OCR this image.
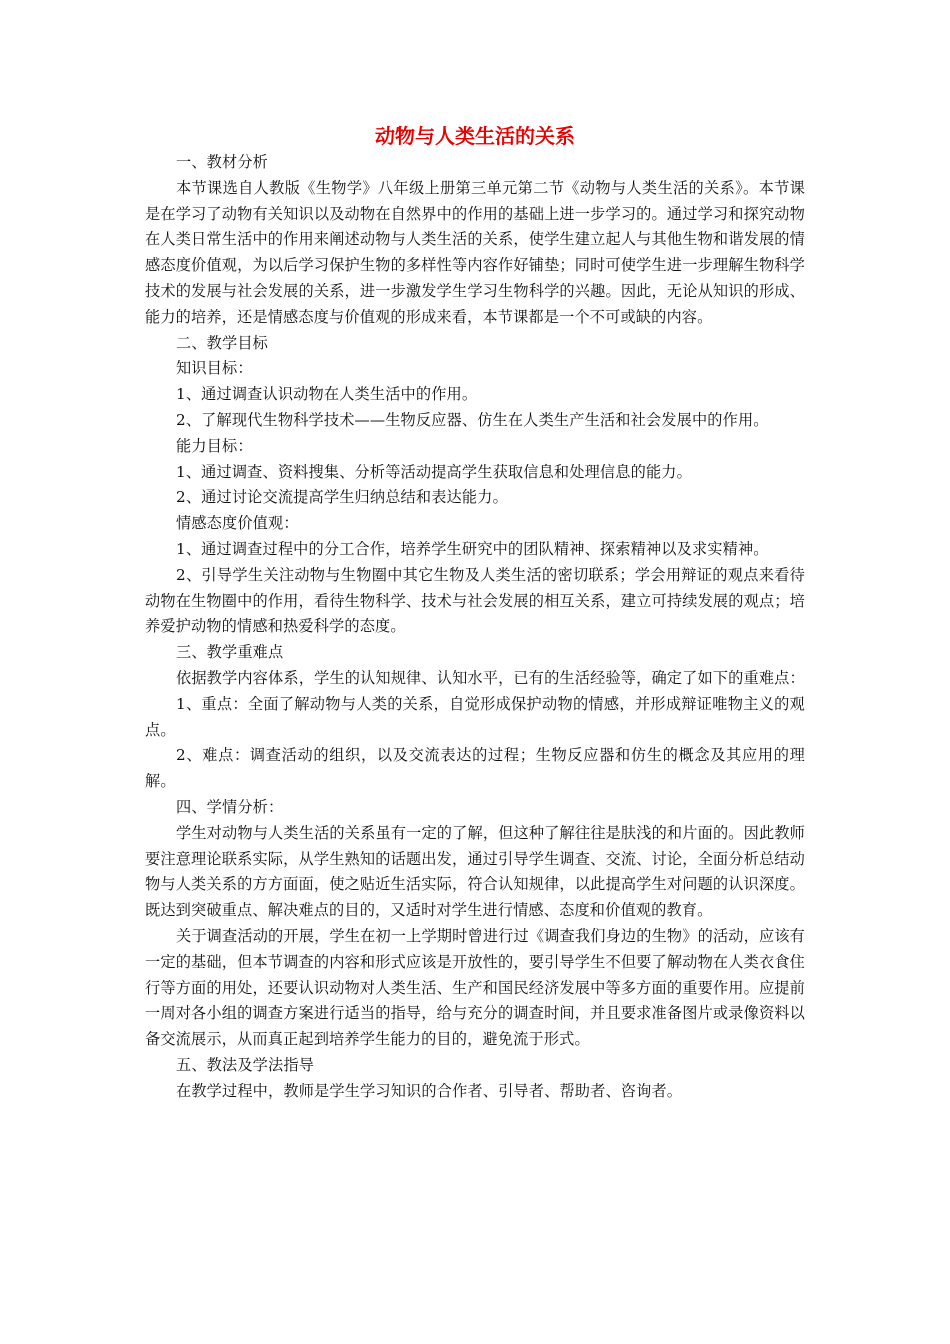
动物与人类生活的关系

一、教材分析

本节课选自人教版《生物学》八年级上册第三单元第二节《动物与人类生活的关系》。本节课是在学习了动物有关知识以及动物在自然界中的作用的基础上进一步学习的。通过学习和探究动物在人类日常生活中的作用来阐述动物与人类生活的关系，使学生建立起人与其他生物和谐发展的情感态度价值观，为以后学习保护生物的多样性等内容作好铺垫；同时可使学生进一步理解生物科学技术的发展与社会发展的关系，进一步激发学生学习生物科学的兴趣。因此，无论从知识的形成、能力的培养，还是情感态度与价值观的形成来看，本节课都是一个不可或缺的内容。

二、教学目标

知识目标：

1、通过调查认识动物在人类生活中的作用。

2、了解现代生物科学技术——生物反应器、仿生在人类生产生活和社会发展中的作用。

能力目标：

1、通过调查、资料搜集、分析等活动提高学生获取信息和处理信息的能力。

2、通过讨论交流提高学生归纳总结和表达能力。

情感态度价值观：

1、通过调查过程中的分工合作，培养学生研究中的团队精神、探索精神以及求实精神。

2、引导学生关注动物与生物圈中其它生物及人类生活的密切联系；学会用辩证的观点来看待动物在生物圈中的作用，看待生物科学、技术与社会发展的相互关系，建立可持续发展的观点；培养爱护动物的情感和热爱科学的态度。

三、教学重难点

依据教学内容体系，学生的认知规律、认知水平，已有的生活经验等，确定了如下的重难点：

1、重点：全面了解动物与人类的关系，自觉形成保护动物的情感，并形成辩证唯物主义的观点。

2、难点：调查活动的组织，以及交流表达的过程；生物反应器和仿生的概念及其应用的理解。

四、学情分析：

学生对动物与人类生活的关系虽有一定的了解，但这种了解往往是肤浅的和片面的。因此教师要注意理论联系实际，从学生熟知的话题出发，通过引导学生调查、交流、讨论，全面分析总结动物与人类关系的方方面面，使之贴近生活实际，符合认知规律，以此提高学生对问题的认识深度。既达到突破重点、解决难点的目的，又适时对学生进行情感、态度和价值观的教育。

关于调查活动的开展，学生在初一上学期时曾进行过《调查我们身边的生物》的活动，应该有一定的基础，但本节调查的内容和形式应该是开放性的，要引导学生不但要了解动物在人类衣食住行等方面的用处，还要认识动物对人类生活、生产和国民经济发展中等多方面的重要作用。应提前一周对各小组的调查方案进行适当的指导，给与充分的调查时间，并且要求准备图片或录像资料以备交流展示，从而真正起到培养学生能力的目的，避免流于形式。

五、教法及学法指导

在教学过程中，教师是学生学习知识的合作者、引导者、帮助者、咨询者。
